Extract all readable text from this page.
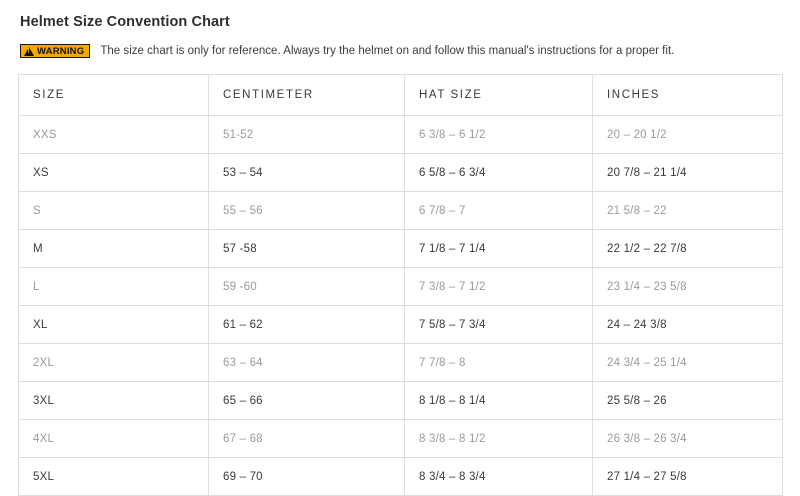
Helmet Size Convention Chart
!
WARNING The size chart is only for reference. Always try the helmet on and follow this manual's instructions for a proper fit.
SIZE	CENTIMETER	HAT SIZE	INCHES
XXS	51-52	6 3/8 – 6 1/2	20 – 20 1/2
XS	53 – 54	6 5/8 – 6 3/4	20 7/8 – 21 1/4
S	55 – 56	6 7/8 – 7	21 5/8 – 22
M	57 -58	7 1/8 – 7 1/4	22 1/2 – 22 7/8
L	59 -60	7 3/8 – 7 1/2	23 1/4 – 23 5/8
XL	61 – 62	7 5/8 – 7 3/4	24 – 24 3/8
2XL	63 – 64	7 7/8 – 8	24 3/4 – 25 1/4
3XL	65 – 66	8 1/8 – 8 1/4	25 5/8 – 26
4XL	67 – 68	8 3/8 – 8 1/2	26 3/8 – 26 3/4
5XL	69 – 70	8 3/4 – 8 3/4	27 1/4 – 27 5/8
